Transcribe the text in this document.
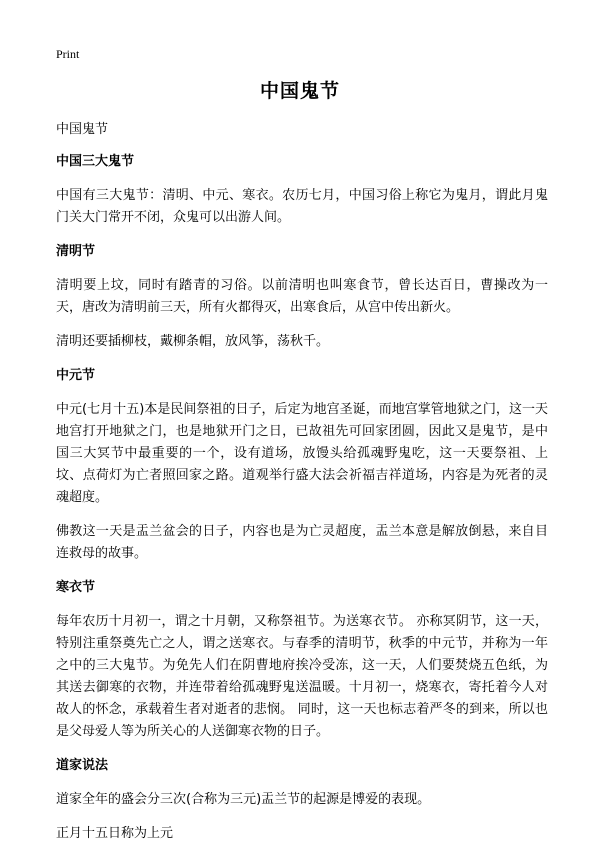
Print
中国鬼节
中国鬼节
中国三大鬼节
中国有三大鬼节：清明、中元、寒衣。农历七月，中国习俗上称它为鬼月，谓此月鬼门关大门常开不闭，众鬼可以出游人间。
清明节
清明要上坟，同时有踏青的习俗。以前清明也叫寒食节，曾长达百日，曹操改为一天，唐改为清明前三天，所有火都得灭，出寒食后，从宫中传出新火。
清明还要插柳枝，戴柳条帽，放风筝，荡秋千。
中元节
中元(七月十五)本是民间祭祖的日子，后定为地宫圣诞，而地宫掌管地狱之门，这一天地宫打开地狱之门，也是地狱开门之日，已故祖先可回家团圆，因此又是鬼节，是中国三大冥节中最重要的一个，设有道场，放馒头给孤魂野鬼吃，这一天要祭祖、上坟、点荷灯为亡者照回家之路。道观举行盛大法会祈福吉祥道场，内容是为死者的灵魂超度。
佛教这一天是盂兰盆会的日子，内容也是为亡灵超度，盂兰本意是解放倒悬，来自目连救母的故事。
寒衣节
每年农历十月初一，谓之十月朝，又称祭祖节。为送寒衣节。 亦称冥阴节，这一天，特别注重祭奠先亡之人，谓之送寒衣。与春季的清明节，秋季的中元节，并称为一年之中的三大鬼节。为免先人们在阴曹地府挨冷受冻，这一天，人们要焚烧五色纸，为其送去御寒的衣物，并连带着给孤魂野鬼送温暖。十月初一，烧寒衣，寄托着今人对故人的怀念，承载着生者对逝者的悲悯。 同时，这一天也标志着严冬的到来，所以也是父母爱人等为所关心的人送御寒衣物的日子。
道家说法
道家全年的盛会分三次(合称为三元)盂兰节的起源是博爱的表现。
正月十五日称为上元
